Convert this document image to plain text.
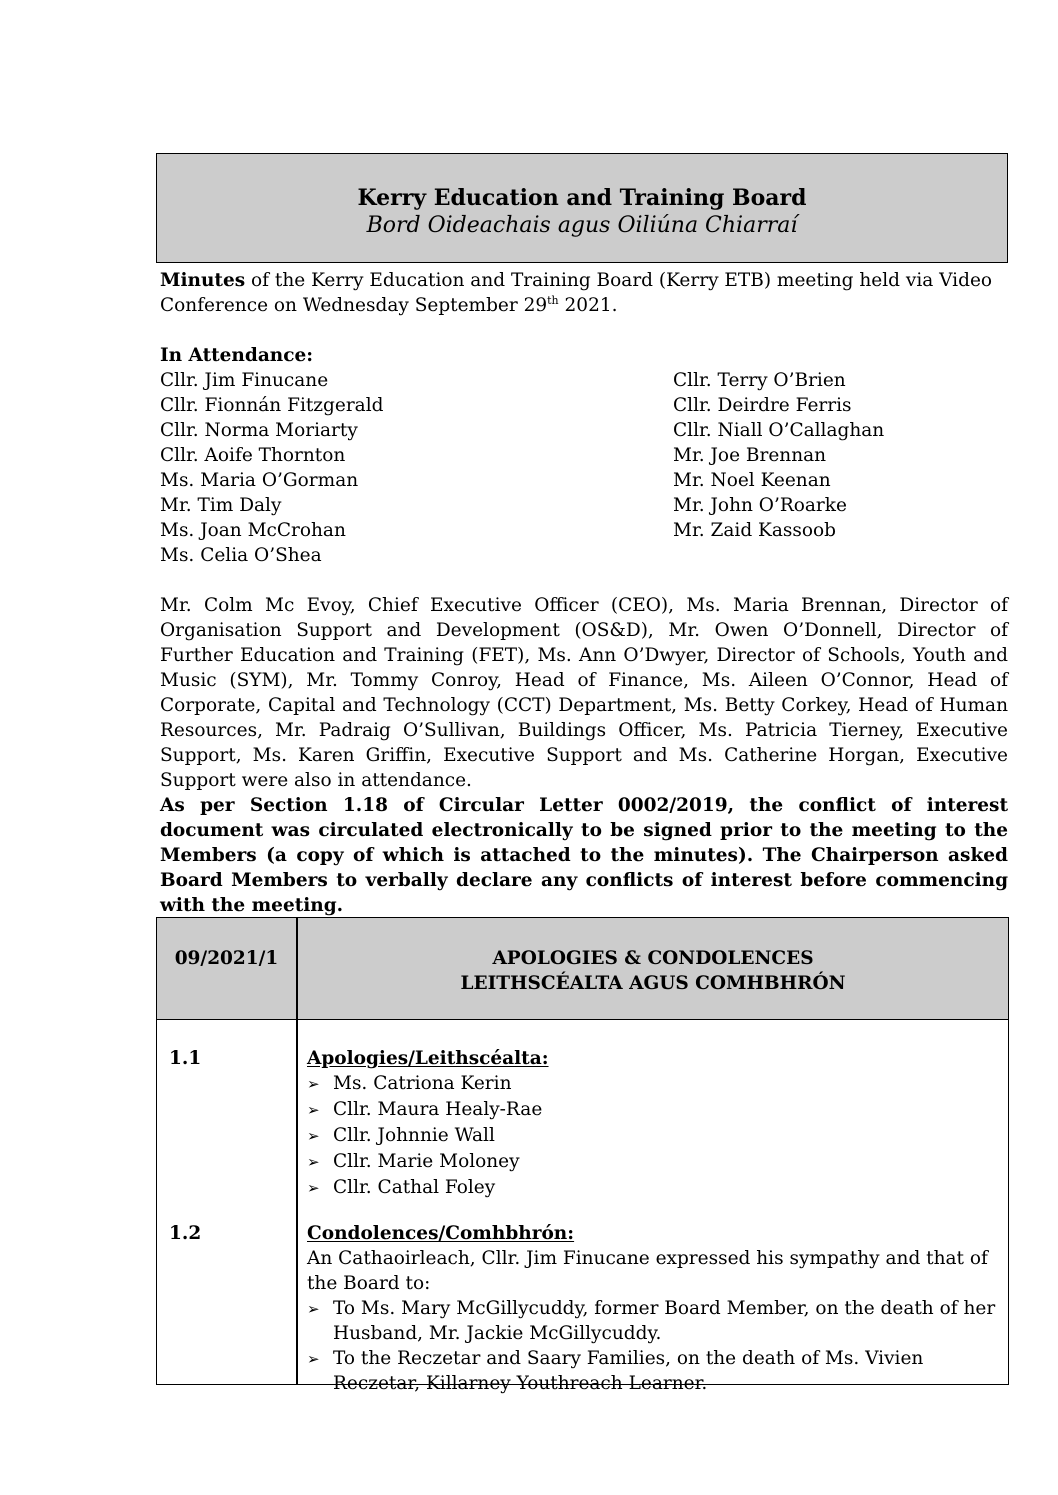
Kerry Education and Training Board
Bord Oideachais agus Oiliúna Chiarraí
Minutes of the Kerry Education and Training Board (Kerry ETB) meeting held via Video Conference on Wednesday September 29th 2021.
In Attendance:
Cllr. Jim Finucane
Cllr. Fionnán Fitzgerald
Cllr. Norma Moriarty
Cllr. Aoife Thornton
Ms. Maria O’Gorman
Mr. Tim Daly
Ms. Joan McCrohan
Ms. Celia O’Shea
Cllr. Terry O’Brien
Cllr. Deirdre Ferris
Cllr. Niall O’Callaghan
Mr. Joe Brennan
Mr. Noel Keenan
Mr. John O’Roarke
Mr. Zaid Kassoob
Mr. Colm Mc Evoy, Chief Executive Officer (CEO), Ms. Maria Brennan, Director of Organisation Support and Development (OS&D), Mr. Owen O’Donnell, Director of Further Education and Training (FET), Ms. Ann O’Dwyer, Director of Schools, Youth and Music (SYM), Mr. Tommy Conroy, Head of Finance, Ms. Aileen O’Connor, Head of Corporate, Capital and Technology (CCT) Department, Ms. Betty Corkey, Head of Human Resources, Mr. Padraig O’Sullivan, Buildings Officer, Ms. Patricia Tierney, Executive Support, Ms. Karen Griffin, Executive Support and Ms. Catherine Horgan, Executive Support were also in attendance.
As per Section 1.18 of Circular Letter 0002/2019, the conflict of interest document was circulated electronically to be signed prior to the meeting to the Members (a copy of which is attached to the minutes). The Chairperson asked Board Members to verbally declare any conflicts of interest before commencing with the meeting.
09/2021/1	APOLOGIES & CONDOLENCES
LEITHSCÉALTA AGUS COMHBHRÓN
1.1	Apologies/Leithscéalta:
➢ Ms. Catriona Kerin
➢ Cllr. Maura Healy-Rae
➢ Cllr. Johnnie Wall
➢ Cllr. Marie Moloney
➢ Cllr. Cathal Foley
1.2	Condolences/Comhbhrón:
An Cathaoirleach, Cllr. Jim Finucane expressed his sympathy and that of the Board to:
➢ To Ms. Mary McGillycuddy, former Board Member, on the death of her Husband, Mr. Jackie McGillycuddy.
➢ To the Reczetar and Saary Families, on the death of Ms. Vivien Reczetar, Killarney Youthreach Learner.
